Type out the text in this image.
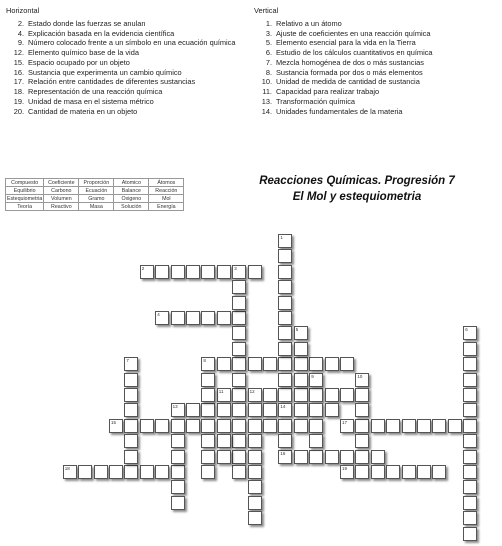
Horizontal
2. Estado donde las fuerzas se anulan
4. Explicación basada en la evidencia científica
9. Número colocado frente a un símbolo en una ecuación química
12. Elemento químico base de la vida
15. Espacio ocupado por un objeto
16. Sustancia que experimenta un cambio químico
17. Relación entre cantidades de diferentes sustancias
18. Representación de una reacción química
19. Unidad de masa en el sistema métrico
20. Cantidad de materia en un objeto
Vertical
1. Relativo a un átomo
3. Ajuste de coeficientes en una reacción química
5. Elemento esencial para la vida en la Tierra
6. Estudio de los cálculos cuantitativos en química
7. Mezcla homogénea de dos o más sustancias
8. Sustancia formada por dos o más elementos
10. Unidad de medida de cantidad de sustancia
11. Capacidad para realizar trabajo
13. Transformación química
14. Unidades fundamentales de la materia
Compuesto	Coeficiente	Proporción	Atomico	Átomos
Equilibrio	Carbono	Ecuación	Balance	Reacción
Estequiometria	Volumen	Gramo	Oxigeno	Mol
Teoría	Reactivo	Masa	Solución	Energía
Reacciones Químicas. Progresión 7
El Mol y estequiometria
2	3
4
8
11	12
13	14
15	17
16
18	19
1
5	6
7
9	10
